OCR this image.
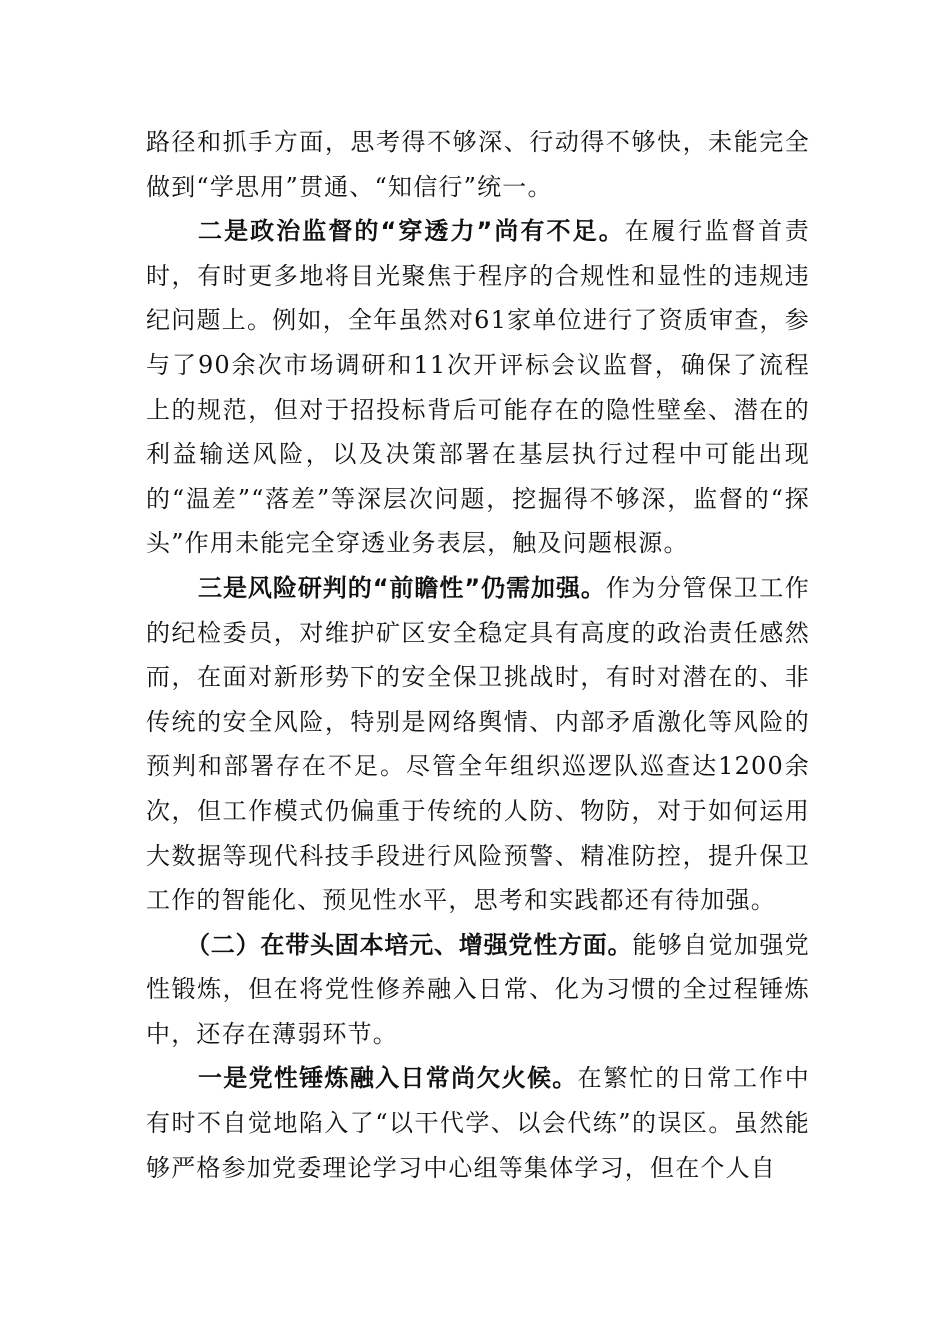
路径和抓手方面，思考得不够深、行动得不够快，未能完全做到“学思用”贯通、“知信行”统一。

二是政治监督的“穿透力”尚有不足。在履行监督首责时，有时更多地将目光聚焦于程序的合规性和显性的违规违纪问题上。例如，全年虽然对61家单位进行了资质审查，参与了90余次市场调研和11次开评标会议监督，确保了流程上的规范，但对于招投标背后可能存在的隐性壁垒、潜在的利益输送风险，以及决策部署在基层执行过程中可能出现的“温差”“落差”等深层次问题，挖掘得不够深，监督的“探头”作用未能完全穿透业务表层，触及问题根源。

三是风险研判的“前瞻性”仍需加强。作为分管保卫工作的纪检委员，对维护矿区安全稳定具有高度的政治责任感然而，在面对新形势下的安全保卫挑战时，有时对潜在的、非传统的安全风险，特别是网络舆情、内部矛盾激化等风险的预判和部署存在不足。尽管全年组织巡逻队巡查达1200余次，但工作模式仍偏重于传统的人防、物防，对于如何运用大数据等现代科技手段进行风险预警、精准防控，提升保卫工作的智能化、预见性水平，思考和实践都还有待加强。

（二）在带头固本培元、增强党性方面。能够自觉加强党性锻炼，但在将党性修养融入日常、化为习惯的全过程锤炼中，还存在薄弱环节。

一是党性锤炼融入日常尚欠火候。在繁忙的日常工作中有时不自觉地陷入了“以干代学、以会代练”的误区。虽然能够严格参加党委理论学习中心组等集体学习，但在个人自
